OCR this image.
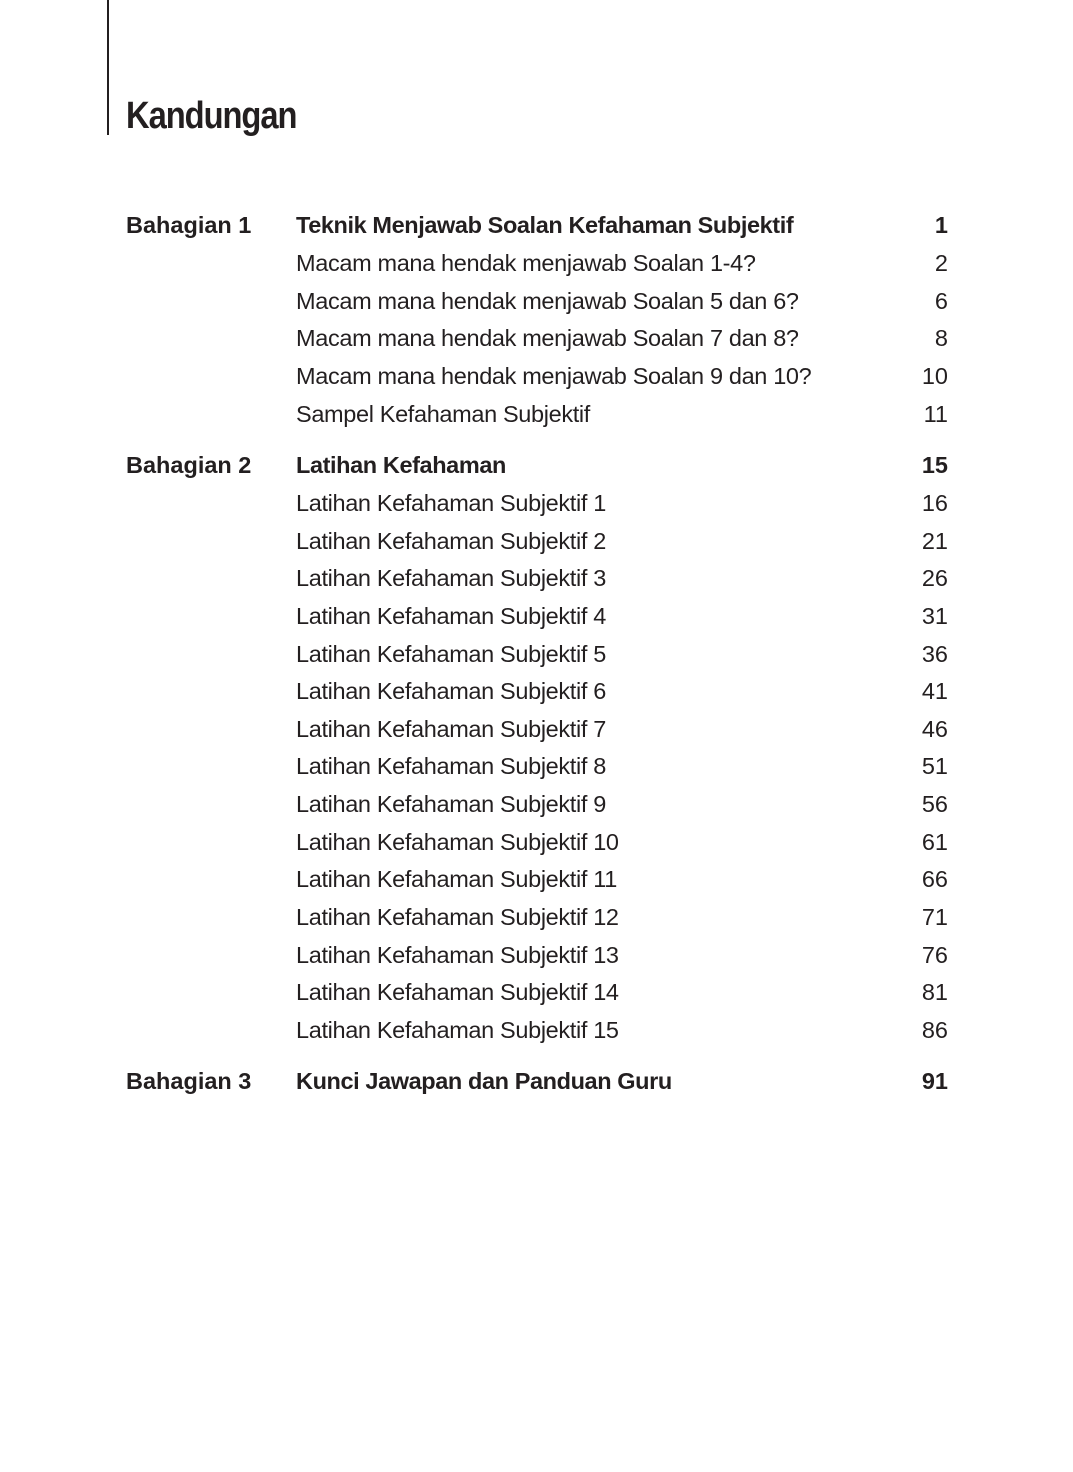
Kandungan
Bahagian 1 Teknik Menjawab Soalan Kefahaman Subjektif	1
Macam mana hendak menjawab Soalan 1-4?	2
Macam mana hendak menjawab Soalan 5 dan 6?	6
Macam mana hendak menjawab Soalan 7 dan 8?	8
Macam mana hendak menjawab Soalan 9 dan 10?	10
Sampel Kefahaman Subjektif	11
Bahagian 2 Latihan Kefahaman	15
Latihan Kefahaman Subjektif 1	16
Latihan Kefahaman Subjektif 2	21
Latihan Kefahaman Subjektif 3	26
Latihan Kefahaman Subjektif 4	31
Latihan Kefahaman Subjektif 5	36
Latihan Kefahaman Subjektif 6	41
Latihan Kefahaman Subjektif 7	46
Latihan Kefahaman Subjektif 8	51
Latihan Kefahaman Subjektif 9	56
Latihan Kefahaman Subjektif 10	61
Latihan Kefahaman Subjektif 11	66
Latihan Kefahaman Subjektif 12	71
Latihan Kefahaman Subjektif 13	76
Latihan Kefahaman Subjektif 14	81
Latihan Kefahaman Subjektif 15	86
Bahagian 3 Kunci Jawapan dan Panduan Guru	91
